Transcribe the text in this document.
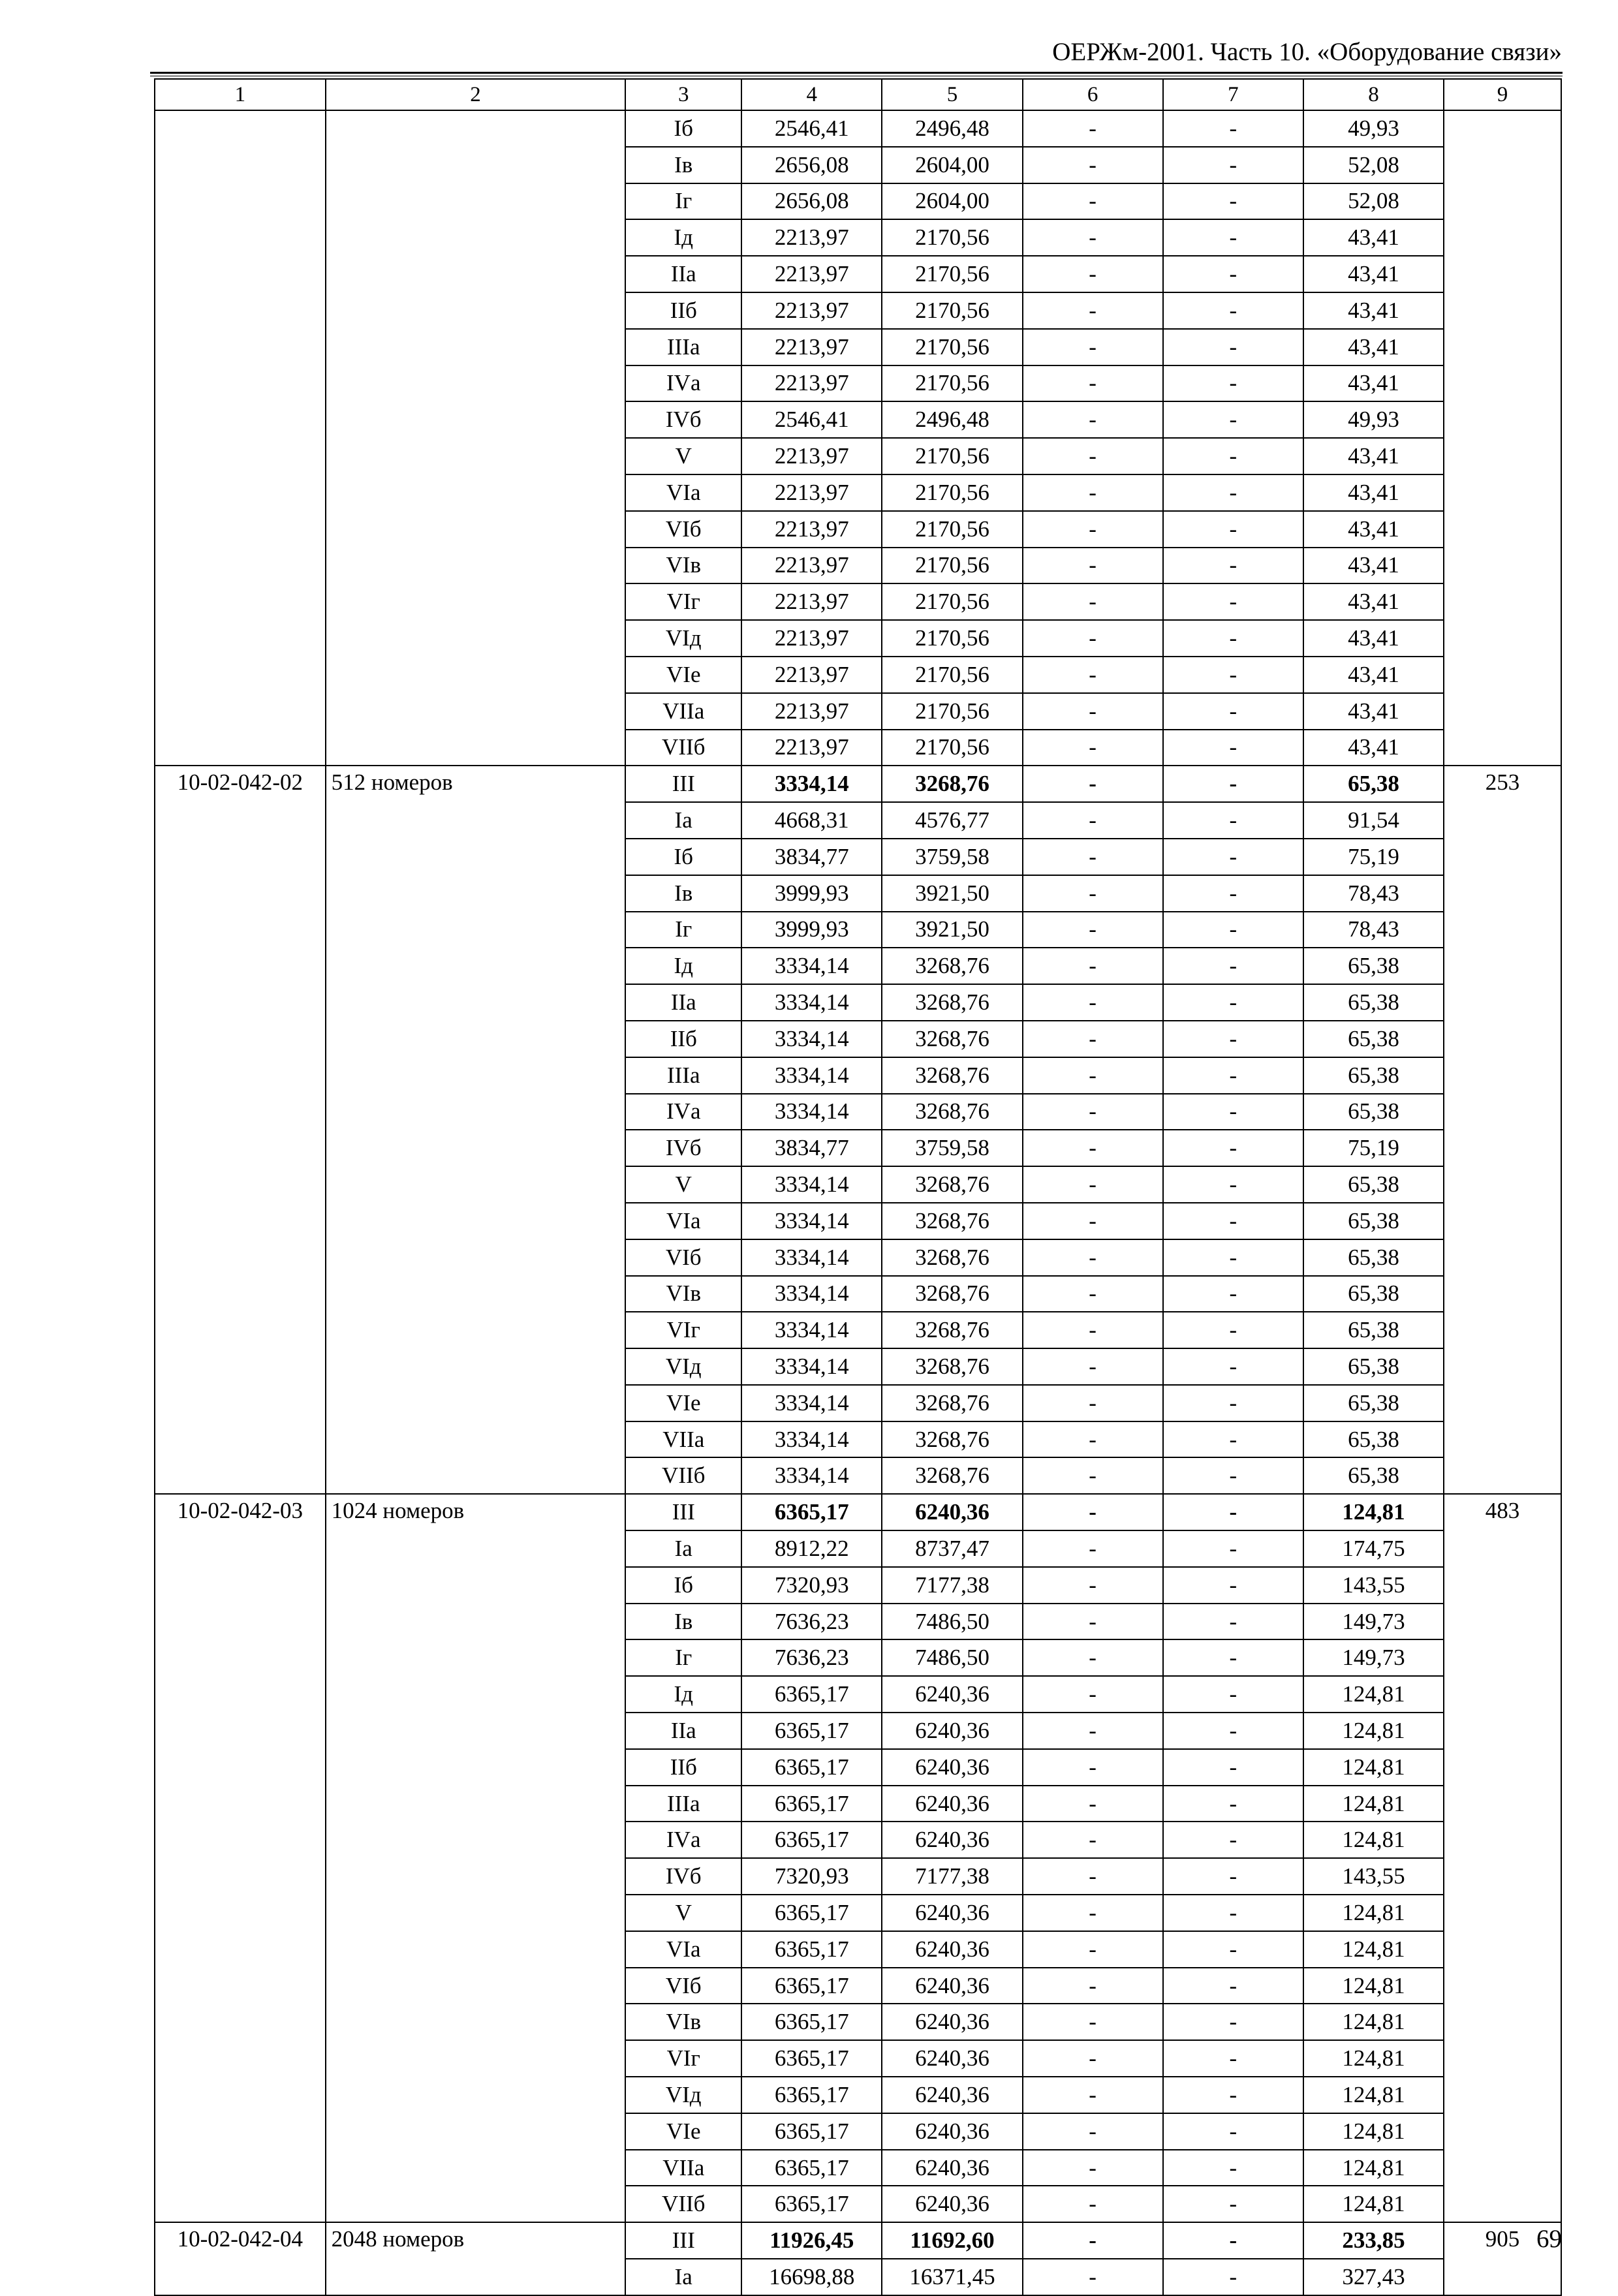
ОЕРЖм-2001. Часть 10. «Оборудование связи»
1	2	3	4	5	6	7	8	9
		Iб	2546,41	2496,48	-	-	49,93	
		Iв	2656,08	2604,00	-	-	52,08	
		Iг	2656,08	2604,00	-	-	52,08	
		Iд	2213,97	2170,56	-	-	43,41	
		IIа	2213,97	2170,56	-	-	43,41	
		IIб	2213,97	2170,56	-	-	43,41	
		IIIа	2213,97	2170,56	-	-	43,41	
		IVа	2213,97	2170,56	-	-	43,41	
		IVб	2546,41	2496,48	-	-	49,93	
		V	2213,97	2170,56	-	-	43,41	
		VIа	2213,97	2170,56	-	-	43,41	
		VIб	2213,97	2170,56	-	-	43,41	
		VIв	2213,97	2170,56	-	-	43,41	
		VIг	2213,97	2170,56	-	-	43,41	
		VIд	2213,97	2170,56	-	-	43,41	
		VIе	2213,97	2170,56	-	-	43,41	
		VIIа	2213,97	2170,56	-	-	43,41	
		VIIб	2213,97	2170,56	-	-	43,41	
10-02-042-02	512 номеров	III	3334,14	3268,76	-	-	65,38	253
		Iа	4668,31	4576,77	-	-	91,54	
		Iб	3834,77	3759,58	-	-	75,19	
		Iв	3999,93	3921,50	-	-	78,43	
		Iг	3999,93	3921,50	-	-	78,43	
		Iд	3334,14	3268,76	-	-	65,38	
		IIа	3334,14	3268,76	-	-	65,38	
		IIб	3334,14	3268,76	-	-	65,38	
		IIIа	3334,14	3268,76	-	-	65,38	
		IVа	3334,14	3268,76	-	-	65,38	
		IVб	3834,77	3759,58	-	-	75,19	
		V	3334,14	3268,76	-	-	65,38	
		VIа	3334,14	3268,76	-	-	65,38	
		VIб	3334,14	3268,76	-	-	65,38	
		VIв	3334,14	3268,76	-	-	65,38	
		VIг	3334,14	3268,76	-	-	65,38	
		VIд	3334,14	3268,76	-	-	65,38	
		VIе	3334,14	3268,76	-	-	65,38	
		VIIа	3334,14	3268,76	-	-	65,38	
		VIIб	3334,14	3268,76	-	-	65,38	
10-02-042-03	1024 номеров	III	6365,17	6240,36	-	-	124,81	483
		Iа	8912,22	8737,47	-	-	174,75	
		Iб	7320,93	7177,38	-	-	143,55	
		Iв	7636,23	7486,50	-	-	149,73	
		Iг	7636,23	7486,50	-	-	149,73	
		Iд	6365,17	6240,36	-	-	124,81	
		IIа	6365,17	6240,36	-	-	124,81	
		IIб	6365,17	6240,36	-	-	124,81	
		IIIа	6365,17	6240,36	-	-	124,81	
		IVа	6365,17	6240,36	-	-	124,81	
		IVб	7320,93	7177,38	-	-	143,55	
		V	6365,17	6240,36	-	-	124,81	
		VIа	6365,17	6240,36	-	-	124,81	
		VIб	6365,17	6240,36	-	-	124,81	
		VIв	6365,17	6240,36	-	-	124,81	
		VIг	6365,17	6240,36	-	-	124,81	
		VIд	6365,17	6240,36	-	-	124,81	
		VIе	6365,17	6240,36	-	-	124,81	
		VIIа	6365,17	6240,36	-	-	124,81	
		VIIб	6365,17	6240,36	-	-	124,81	
10-02-042-04	2048 номеров	III	11926,45	11692,60	-	-	233,85	905
		Iа	16698,88	16371,45	-	-	327,43	
69
